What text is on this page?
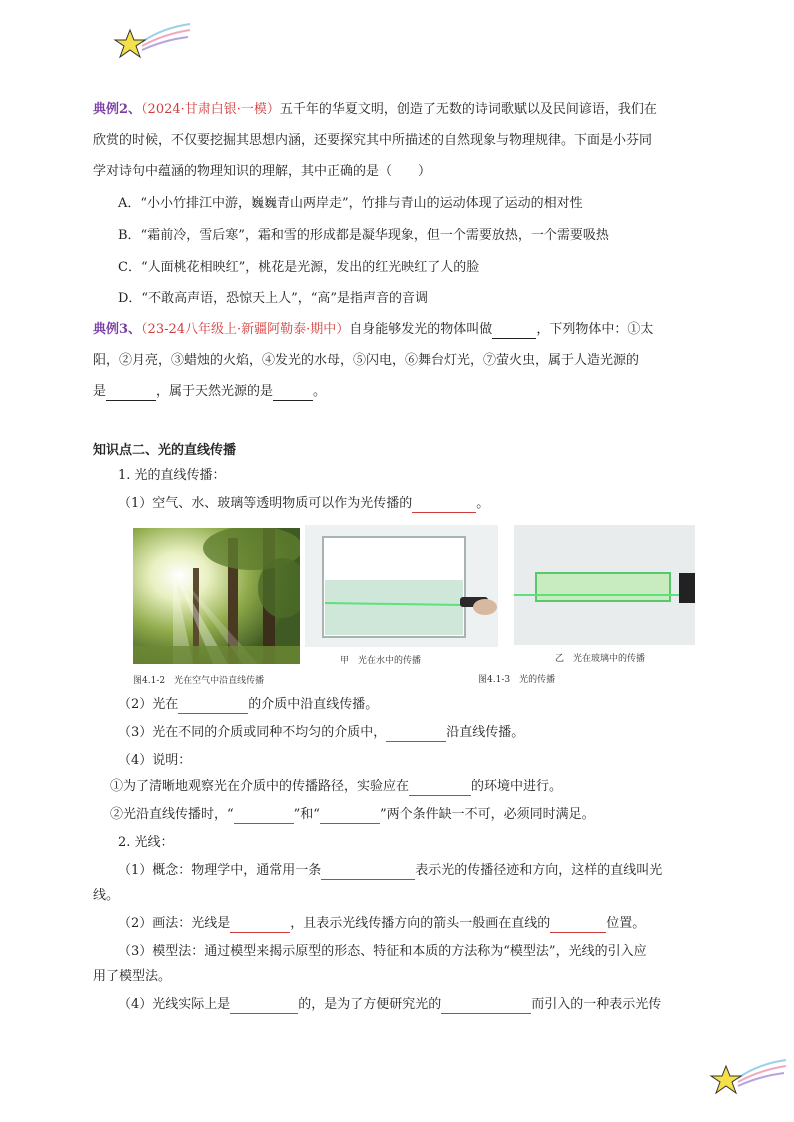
典例2、（2024·甘肃白银·一模）五千年的华夏文明，创造了无数的诗词歌赋以及民间谚语，我们在
欣赏的时候，不仅要挖掘其思想内涵，还要探究其中所描述的自然现象与物理规律。下面是小芬同
学对诗句中蕴涵的物理知识的理解，其中正确的是（　　）
A．“小小竹排江中游，巍巍青山两岸走”，竹排与青山的运动体现了运动的相对性
B．“霜前冷，雪后寒”，霜和雪的形成都是凝华现象，但一个需要放热，一个需要吸热
C．“人面桃花相映红”，桃花是光源，发出的红光映红了人的脸
D．“不敢高声语，恐惊天上人”，“高”是指声音的音调
典例3、（23-24八年级上·新疆阿勒泰·期中）自身能够发光的物体叫做	，下列物体中：①太
阳，②月亮，③蜡烛的火焰，④发光的水母，⑤闪电，⑥舞台灯光，⑦萤火虫，属于人造光源的
是	，属于天然光源的是	。
知识点二、光的直线传播
1. 光的直线传播：
（1）空气、水、玻璃等透明物质可以作为光传播的	。
甲　光在水中的传播	乙　光在玻璃中的传播
图4.1-2　光在空气中沿直线传播	图4.1-3　光的传播
（2）光在	的介质中沿直线传播。
（3）光在不同的介质或同种不均匀的介质中，	沿直线传播。
（4）说明：
①为了清晰地观察光在介质中的传播路径，实验应在	的环境中进行。
②光沿直线传播时，“	”和“	”两个条件缺一不可，必须同时满足。
2. 光线：
（1）概念：物理学中，通常用一条	表示光的传播径迹和方向，这样的直线叫光
线。
（2）画法：光线是	，且表示光线传播方向的箭头一般画在直线的	位置。
（3）模型法：通过模型来揭示原型的形态、特征和本质的方法称为“模型法”，光线的引入应
用了模型法。
（4）光线实际上是	的，是为了方便研究光的	而引入的一种表示光传
